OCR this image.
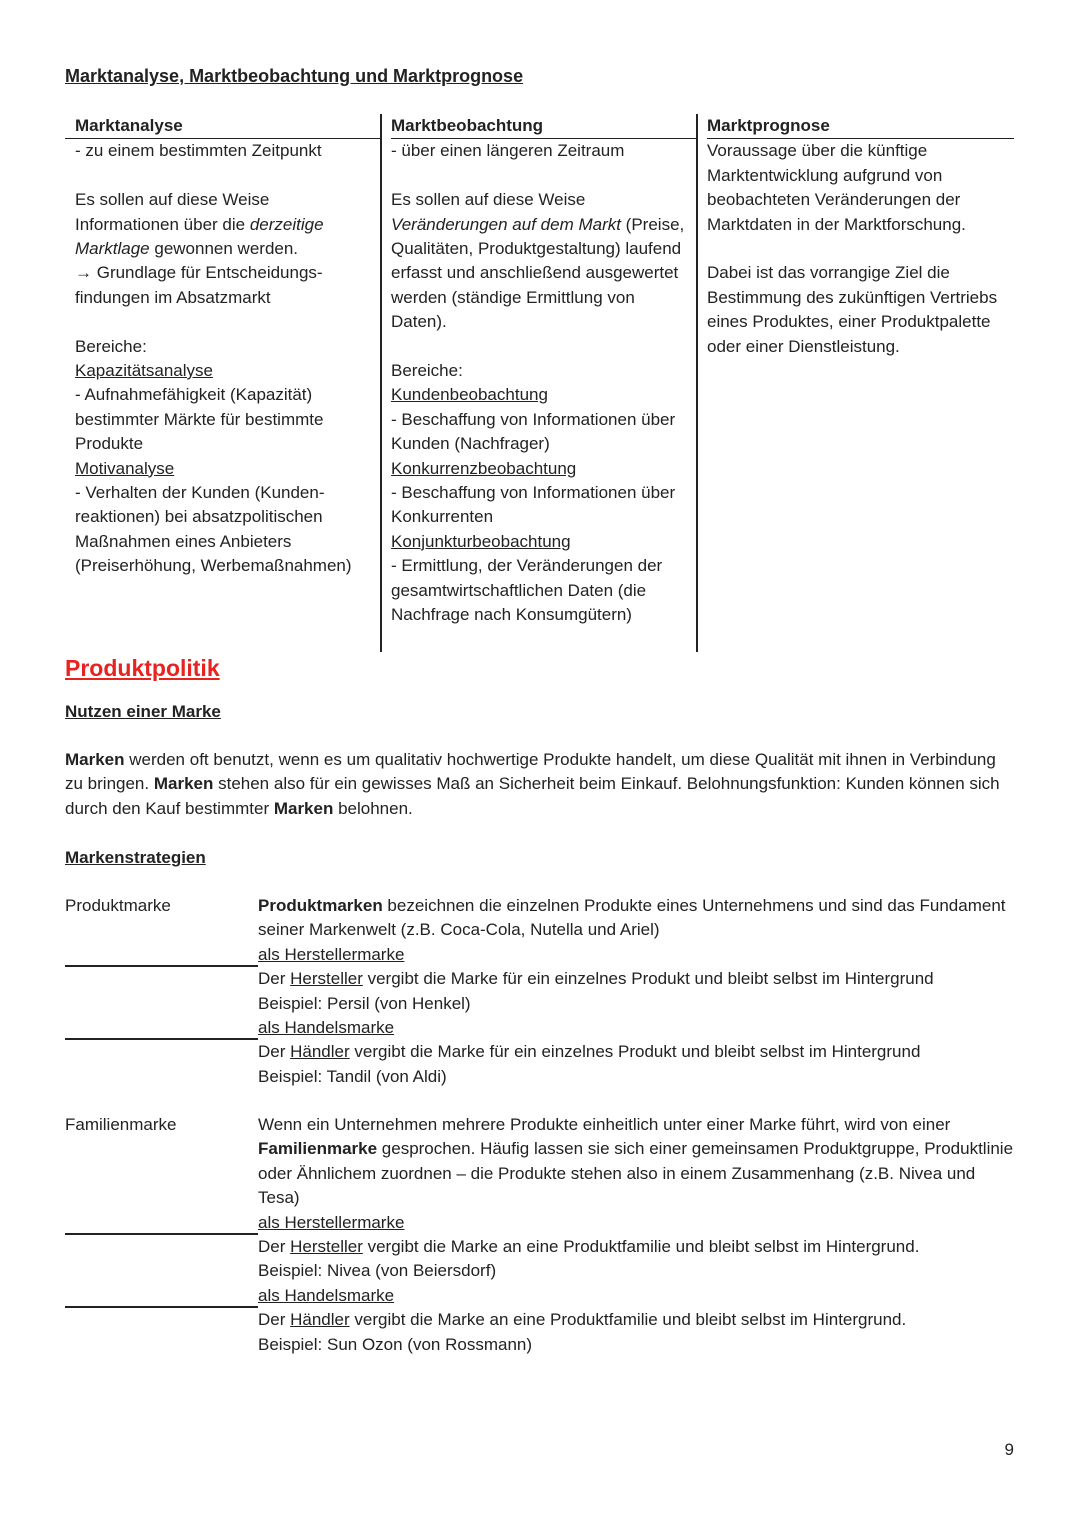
Marktanalyse, Marktbeobachtung und Marktprognose
Marktanalyse

- zu einem bestimmten Zeitpunkt

Es sollen auf diese Weise Informationen über die derzeitige Marktlage gewonnen werden.

→ Grundlage für Entscheidungs-findungen im Absatzmarkt

Bereiche:

Kapazitätsanalyse

- Aufnahmefähigkeit (Kapazität) bestimmter Märkte für bestimmte Produkte

Motivanalyse

- Verhalten der Kunden (Kunden-reaktionen) bei absatzpolitischen Maßnahmen eines Anbieters (Preiserhöhung, Werbemaßnahmen)

Marktbeobachtung

- über einen längeren Zeitraum

Es sollen auf diese Weise Veränderungen auf dem Markt (Preise, Qualitäten, Produktgestaltung) laufend erfasst und anschließend ausgewertet werden (ständige Ermittlung von Daten).

Bereiche:

Kundenbeobachtung

- Beschaffung von Informationen über Kunden (Nachfrager)

Konkurrenzbeobachtung

- Beschaffung von Informationen über Konkurrenten

Konjunkturbeobachtung

- Ermittlung, der Veränderungen der gesamtwirtschaftlichen Daten (die Nachfrage nach Konsumgütern)

Marktprognose

Voraussage über die künftige Marktentwicklung aufgrund von beobachteten Veränderungen der Marktdaten in der Marktforschung.

Dabei ist das vorrangige Ziel die Bestimmung des zukünftigen Vertriebs eines Produktes, einer Produktpalette oder einer Dienstleistung.

Produktpolitik
Nutzen einer Marke
Marken werden oft benutzt, wenn es um qualitativ hochwertige Produkte handelt, um diese Qualität mit ihnen in Verbindung zu bringen. Marken stehen also für ein gewisses Maß an Sicherheit beim Einkauf. Belohnungsfunktion: Kunden können sich durch den Kauf bestimmter Marken belohnen.
Markenstrategien
Produktmarke	Produktmarken bezeichnen die einzelnen Produkte eines Unternehmens und sind das Fundament seiner Markenwelt (z.B. Coca-Cola, Nutella und Ariel)

als Herstellermarke

Der Hersteller vergibt die Marke für ein einzelnes Produkt und bleibt selbst im Hintergrund

Beispiel: Persil (von Henkel)

als Handelsmarke

Der Händler vergibt die Marke für ein einzelnes Produkt und bleibt selbst im Hintergrund

Beispiel: Tandil (von Aldi)

Familienmarke	Wenn ein Unternehmen mehrere Produkte einheitlich unter einer Marke führt, wird von einer Familienmarke gesprochen. Häufig lassen sie sich einer gemeinsamen Produktgruppe, Produktlinie oder Ähnlichem zuordnen – die Produkte stehen also in einem Zusammenhang (z.B. Nivea und Tesa)

als Herstellermarke

Der Hersteller vergibt die Marke an eine Produktfamilie und bleibt selbst im Hintergrund.

Beispiel: Nivea (von Beiersdorf)

als Handelsmarke

Der Händler vergibt die Marke an eine Produktfamilie und bleibt selbst im Hintergrund.

Beispiel: Sun Ozon (von Rossmann)

9
